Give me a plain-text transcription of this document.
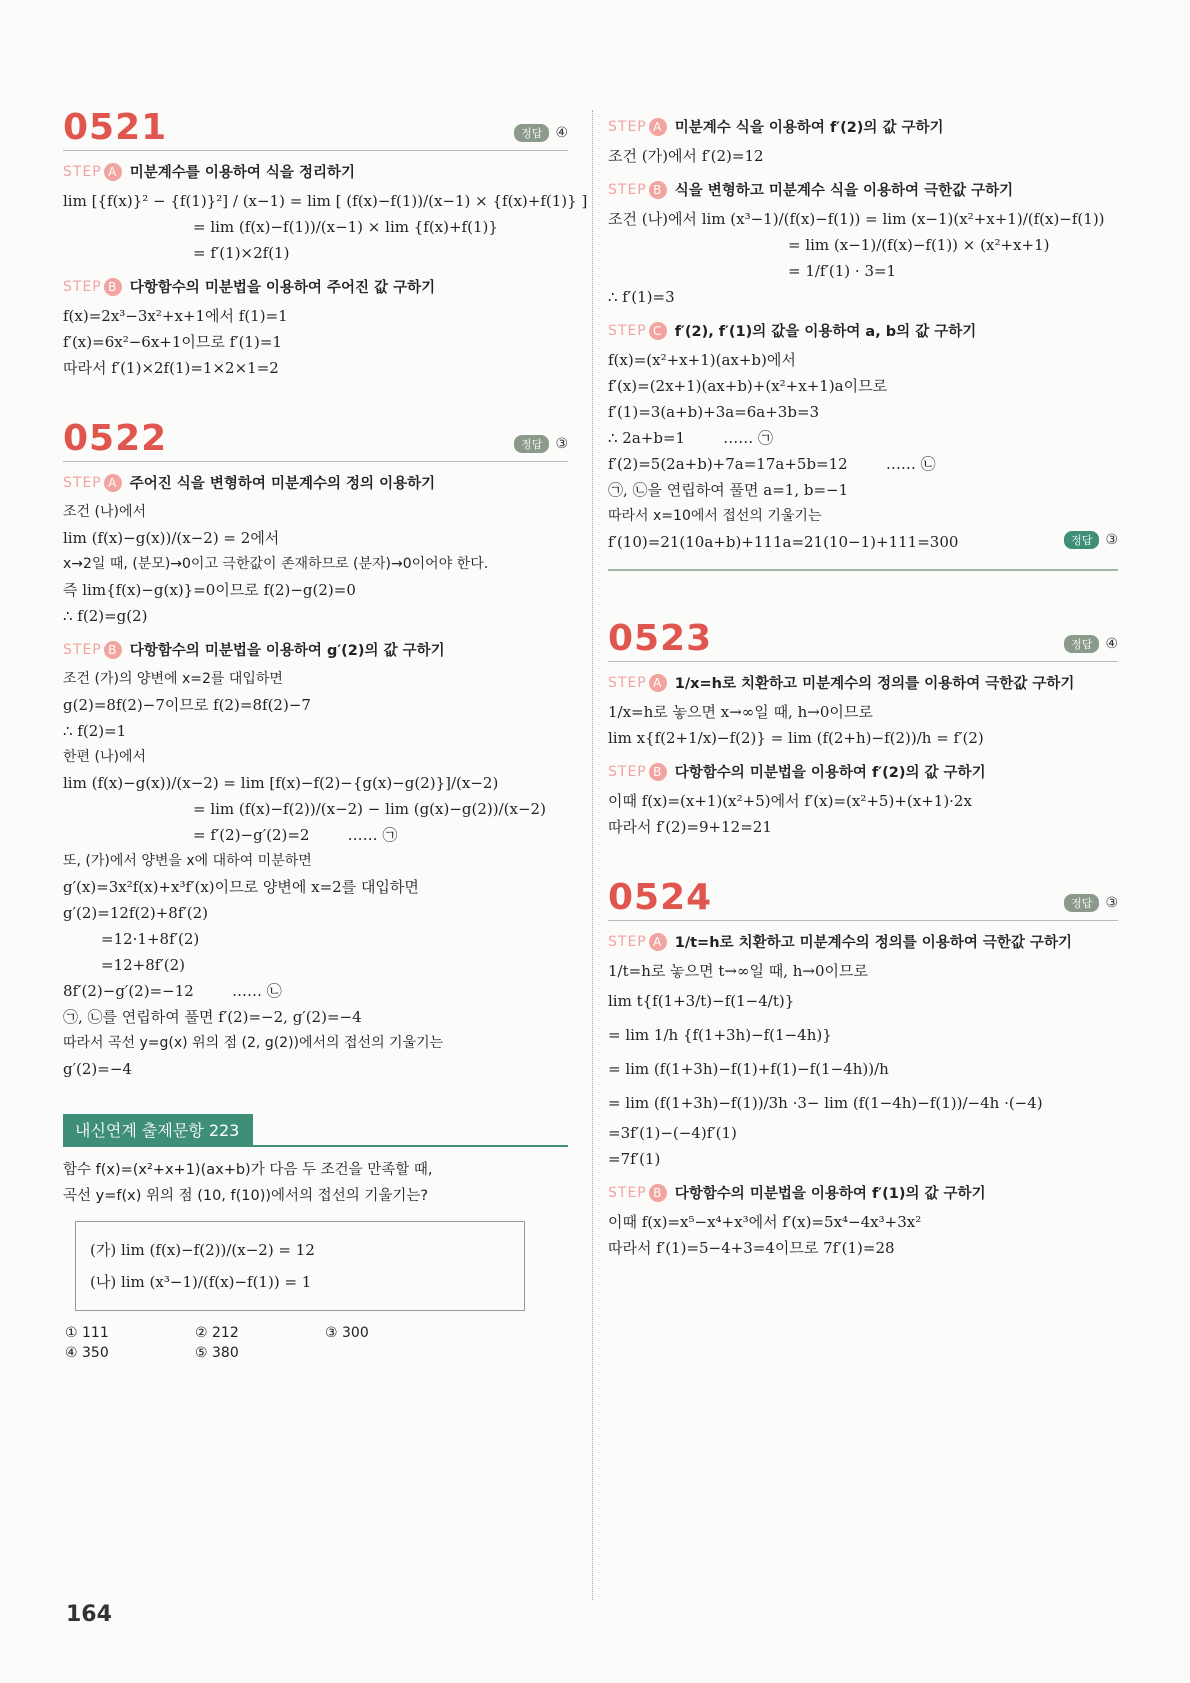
0521	정답 ④
STEP A 미분계수를 이용하여 식을 정리하기
lim [{f(x)}² − {f(1)}²] / (x−1) = lim [ (f(x)−f(1))/(x−1) × {f(x)+f(1)} ]
= lim (f(x)−f(1))/(x−1) × lim {f(x)+f(1)}
= f′(1)×2f(1)
STEP B 다항함수의 미분법을 이용하여 주어진 값 구하기
f(x)=2x³−3x²+x+1에서 f(1)=1
f′(x)=6x²−6x+1이므로 f′(1)=1
따라서 f′(1)×2f(1)=1×2×1=2
0522	정답 ③
STEP A 주어진 식을 변형하여 미분계수의 정의 이용하기
조건 (나)에서
lim (f(x)−g(x))/(x−2) = 2에서
x→2일 때, (분모)→0이고 극한값이 존재하므로 (분자)→0이어야 한다.
즉 lim{f(x)−g(x)}=0이므로 f(2)−g(2)=0
∴ f(2)=g(2)
STEP B 다항함수의 미분법을 이용하여 g′(2)의 값 구하기
조건 (가)의 양변에 x=2를 대입하면
g(2)=8f(2)−7이므로 f(2)=8f(2)−7
∴ f(2)=1
한편 (나)에서
lim (f(x)−g(x))/(x−2) = lim [f(x)−f(2)−{g(x)−g(2)}]/(x−2)
= lim (f(x)−f(2))/(x−2) − lim (g(x)−g(2))/(x−2)
= f′(2)−g′(2)=2        …… ㉠
또, (가)에서 양변을 x에 대하여 미분하면
g′(x)=3x²f(x)+x³f′(x)이므로 양변에 x=2를 대입하면
g′(2)=12f(2)+8f′(2)
=12·1+8f′(2)
=12+8f′(2)
8f′(2)−g′(2)=−12        …… ㉡
㉠, ㉡를 연립하여 풀면 f′(2)=−2, g′(2)=−4
따라서 곡선 y=g(x) 위의 점 (2, g(2))에서의 접선의 기울기는
g′(2)=−4
내신연계 출제문항 223
함수 f(x)=(x²+x+1)(ax+b)가 다음 두 조건을 만족할 때,
곡선 y=f(x) 위의 점 (10, f(10))에서의 접선의 기울기는?
(가) lim (f(x)−f(2))/(x−2) = 12
(나) lim (x³−1)/(f(x)−f(1)) = 1
① 111	② 212	③ 300
④ 350	⑤ 380
STEP A 미분계수 식을 이용하여 f′(2)의 값 구하기
조건 (가)에서 f′(2)=12
STEP B 식을 변형하고 미분계수 식을 이용하여 극한값 구하기
조건 (나)에서 lim (x³−1)/(f(x)−f(1)) = lim (x−1)(x²+x+1)/(f(x)−f(1))
= lim (x−1)/(f(x)−f(1)) × (x²+x+1)
= 1/f′(1) · 3=1
∴ f′(1)=3
STEP C f′(2), f′(1)의 값을 이용하여 a, b의 값 구하기
f(x)=(x²+x+1)(ax+b)에서
f′(x)=(2x+1)(ax+b)+(x²+x+1)a이므로
f′(1)=3(a+b)+3a=6a+3b=3
∴ 2a+b=1        …… ㉠
f′(2)=5(2a+b)+7a=17a+5b=12        …… ㉡
㉠, ㉡을 연립하여 풀면 a=1, b=−1
따라서 x=10에서 접선의 기울기는
f′(10)=21(10a+b)+111a=21(10−1)+111=300	정답 ③
0523	정답 ④
STEP A 1/x=h로 치환하고 미분계수의 정의를 이용하여 극한값 구하기
1/x=h로 놓으면 x→∞일 때, h→0이므로
lim x{f(2+1/x)−f(2)} = lim (f(2+h)−f(2))/h = f′(2)
STEP B 다항함수의 미분법을 이용하여 f′(2)의 값 구하기
이때 f(x)=(x+1)(x²+5)에서 f′(x)=(x²+5)+(x+1)·2x
따라서 f′(2)=9+12=21
0524	정답 ③
STEP A 1/t=h로 치환하고 미분계수의 정의를 이용하여 극한값 구하기
1/t=h로 놓으면 t→∞일 때, h→0이므로
lim t{f(1+3/t)−f(1−4/t)}
= lim 1/h {f(1+3h)−f(1−4h)}
= lim (f(1+3h)−f(1)+f(1)−f(1−4h))/h
= lim (f(1+3h)−f(1))/3h ·3− lim (f(1−4h)−f(1))/−4h ·(−4)
=3f′(1)−(−4)f′(1)
=7f′(1)
STEP B 다항함수의 미분법을 이용하여 f′(1)의 값 구하기
이때 f(x)=x⁵−x⁴+x³에서 f′(x)=5x⁴−4x³+3x²
따라서 f′(1)=5−4+3=4이므로 7f′(1)=28
164
